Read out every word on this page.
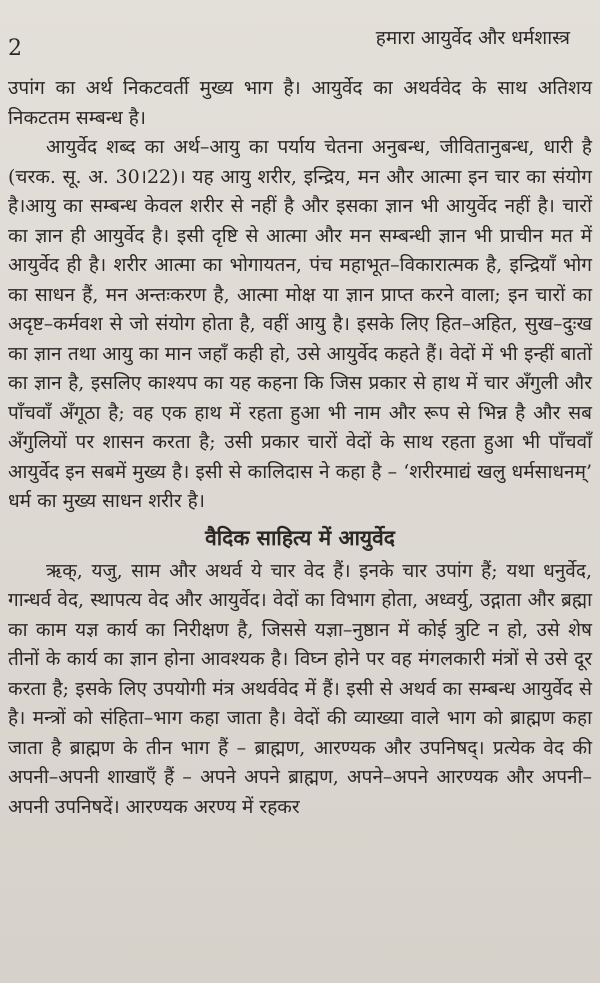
2	हमारा आयुर्वेद और धर्मशास्त्र

उपांग का अर्थ निकटवर्ती मुख्य भाग है। आयुर्वेद का अथर्ववेद के साथ अतिशय निकटतम सम्बन्ध है।

आयुर्वेद शब्द का अर्थ–आयु का पर्याय चेतना अनुबन्ध, जीवितानुबन्ध, धारी है (चरक. सू. अ. 30।22)। यह आयु शरीर, इन्द्रिय, मन और आत्मा इन चार का संयोग है।आयु का सम्बन्ध केवल शरीर से नहीं है और इसका ज्ञान भी आयुर्वेद नहीं है। चारों का ज्ञान ही आयुर्वेद है। इसी दृष्टि से आत्मा और मन सम्बन्धी ज्ञान भी प्राचीन मत में आयुर्वेद ही है। शरीर आत्मा का भोगायतन, पंच महाभूत–विकारात्मक है, इन्द्रियाँ भोग का साधन हैं, मन अन्तःकरण है, आत्मा मोक्ष या ज्ञान प्राप्त करने वाला; इन चारों का अदृष्ट–कर्मवश से जो संयोग होता है, वहीं आयु है। इसके लिए हित–अहित, सुख–दुःख का ज्ञान तथा आयु का मान जहाँ कही हो, उसे आयुर्वेद कहते हैं। वेदों में भी इन्हीं बातों का ज्ञान है, इसलिए काश्यप का यह कहना कि जिस प्रकार से हाथ में चार अँगुली और पाँचवाँ अँगूठा है; वह एक हाथ में रहता हुआ भी नाम और रूप से भिन्न है और सब अँगुलियों पर शासन करता है; उसी प्रकार चारों वेदों के साथ रहता हुआ भी पाँचवाँ आयुर्वेद इन सबमें मुख्य है। इसी से कालिदास ने कहा है – ‘शरीरमाद्यं खलु धर्मसाधनम्’ धर्म का मुख्य साधन शरीर है।

वैदिक साहित्य में आयुर्वेद

ऋक्, यजु, साम और अथर्व ये चार वेद हैं। इनके चार उपांग हैं; यथा धनुर्वेद, गान्धर्व वेद, स्थापत्य वेद और आयुर्वेद। वेदों का विभाग होता, अध्वर्यु, उद्गाता और ब्रह्मा का काम यज्ञ कार्य का निरीक्षण है, जिससे यज्ञा–नुष्ठान में कोई त्रुटि न हो, उसे शेष तीनों के कार्य का ज्ञान होना आवश्यक है। विघ्न होने पर वह मंगलकारी मंत्रों से उसे दूर करता है; इसके लिए उपयोगी मंत्र अथर्ववेद में हैं। इसी से अथर्व का सम्बन्ध आयुर्वेद से है। मन्त्रों को संहिता–भाग कहा जाता है। वेदों की व्याख्या वाले भाग को ब्राह्मण कहा जाता है ब्राह्मण के तीन भाग हैं – ब्राह्मण, आरण्यक और उपनिषद्। प्रत्येक वेद की अपनी–अपनी शाखाएँ हैं – अपने अपने ब्राह्मण, अपने–अपने आरण्यक और अपनी–अपनी उपनिषदें। आरण्यक अरण्य में रहकर
